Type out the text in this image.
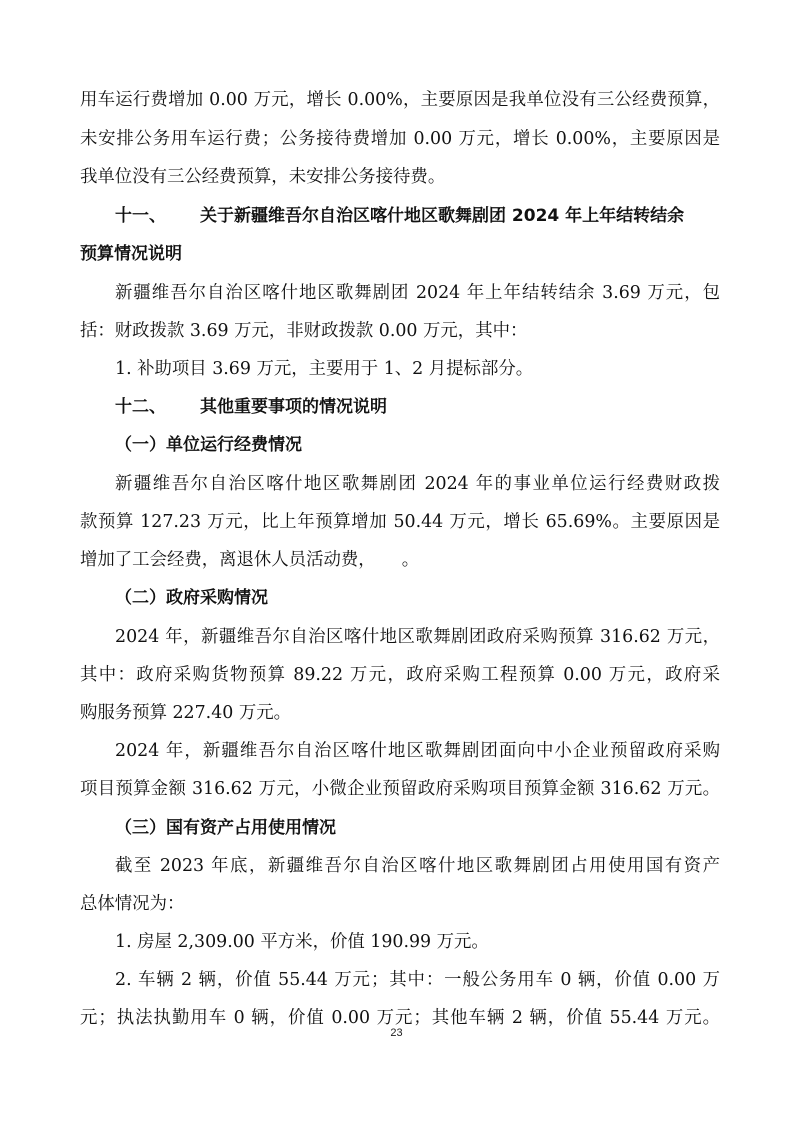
用车运行费增加 0.00 万元，增长 0.00%，主要原因是我单位没有三公经费预算，
未安排公务用车运行费；公务接待费增加 0.00 万元，增长 0.00%，主要原因是
我单位没有三公经费预算，未安排公务接待费。
十一、 关于新疆维吾尔自治区喀什地区歌舞剧团 2024 年上年结转结余
预算情况说明
新疆维吾尔自治区喀什地区歌舞剧团 2024 年上年结转结余 3.69 万元，包
括：财政拨款 3.69 万元，非财政拨款 0.00 万元，其中：
1. 补助项目 3.69 万元，主要用于 1、2 月提标部分。
十二、 其他重要事项的情况说明
（一）单位运行经费情况
新疆维吾尔自治区喀什地区歌舞剧团 2024 年的事业单位运行经费财政拨
款预算 127.23 万元，比上年预算增加 50.44 万元，增长 65.69%。主要原因是
增加了工会经费，离退休人员活动费，　　。
（二）政府采购情况
2024 年，新疆维吾尔自治区喀什地区歌舞剧团政府采购预算 316.62 万元，
其中：政府采购货物预算 89.22 万元，政府采购工程预算 0.00 万元，政府采
购服务预算 227.40 万元。
2024 年，新疆维吾尔自治区喀什地区歌舞剧团面向中小企业预留政府采购
项目预算金额 316.62 万元，小微企业预留政府采购项目预算金额 316.62 万元。
（三）国有资产占用使用情况
截至 2023 年底，新疆维吾尔自治区喀什地区歌舞剧团占用使用国有资产
总体情况为：
1. 房屋 2,309.00 平方米，价值 190.99 万元。
2. 车辆 2 辆，价值 55.44 万元；其中：一般公务用车 0 辆，价值 0.00 万
元；执法执勤用车 0 辆，价值 0.00 万元；其他车辆 2 辆，价值 55.44 万元。
23
